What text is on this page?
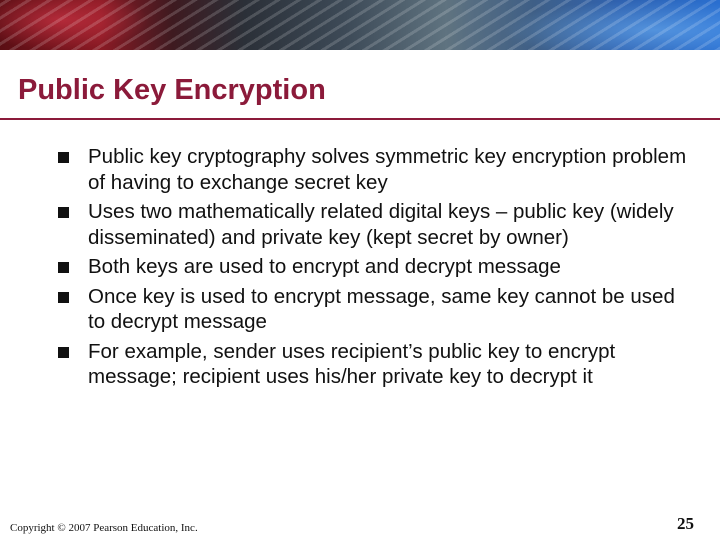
Public Key Encryption
Public key cryptography solves symmetric key encryption problem of having to exchange secret key
Uses two mathematically related digital keys – public key (widely disseminated) and private key (kept secret by owner)
Both keys are used to encrypt and decrypt message
Once key is used to encrypt message, same key cannot be used to decrypt message
For example, sender uses recipient’s public key to encrypt message; recipient uses his/her private key to decrypt it
Copyright © 2007 Pearson Education, Inc.	25
